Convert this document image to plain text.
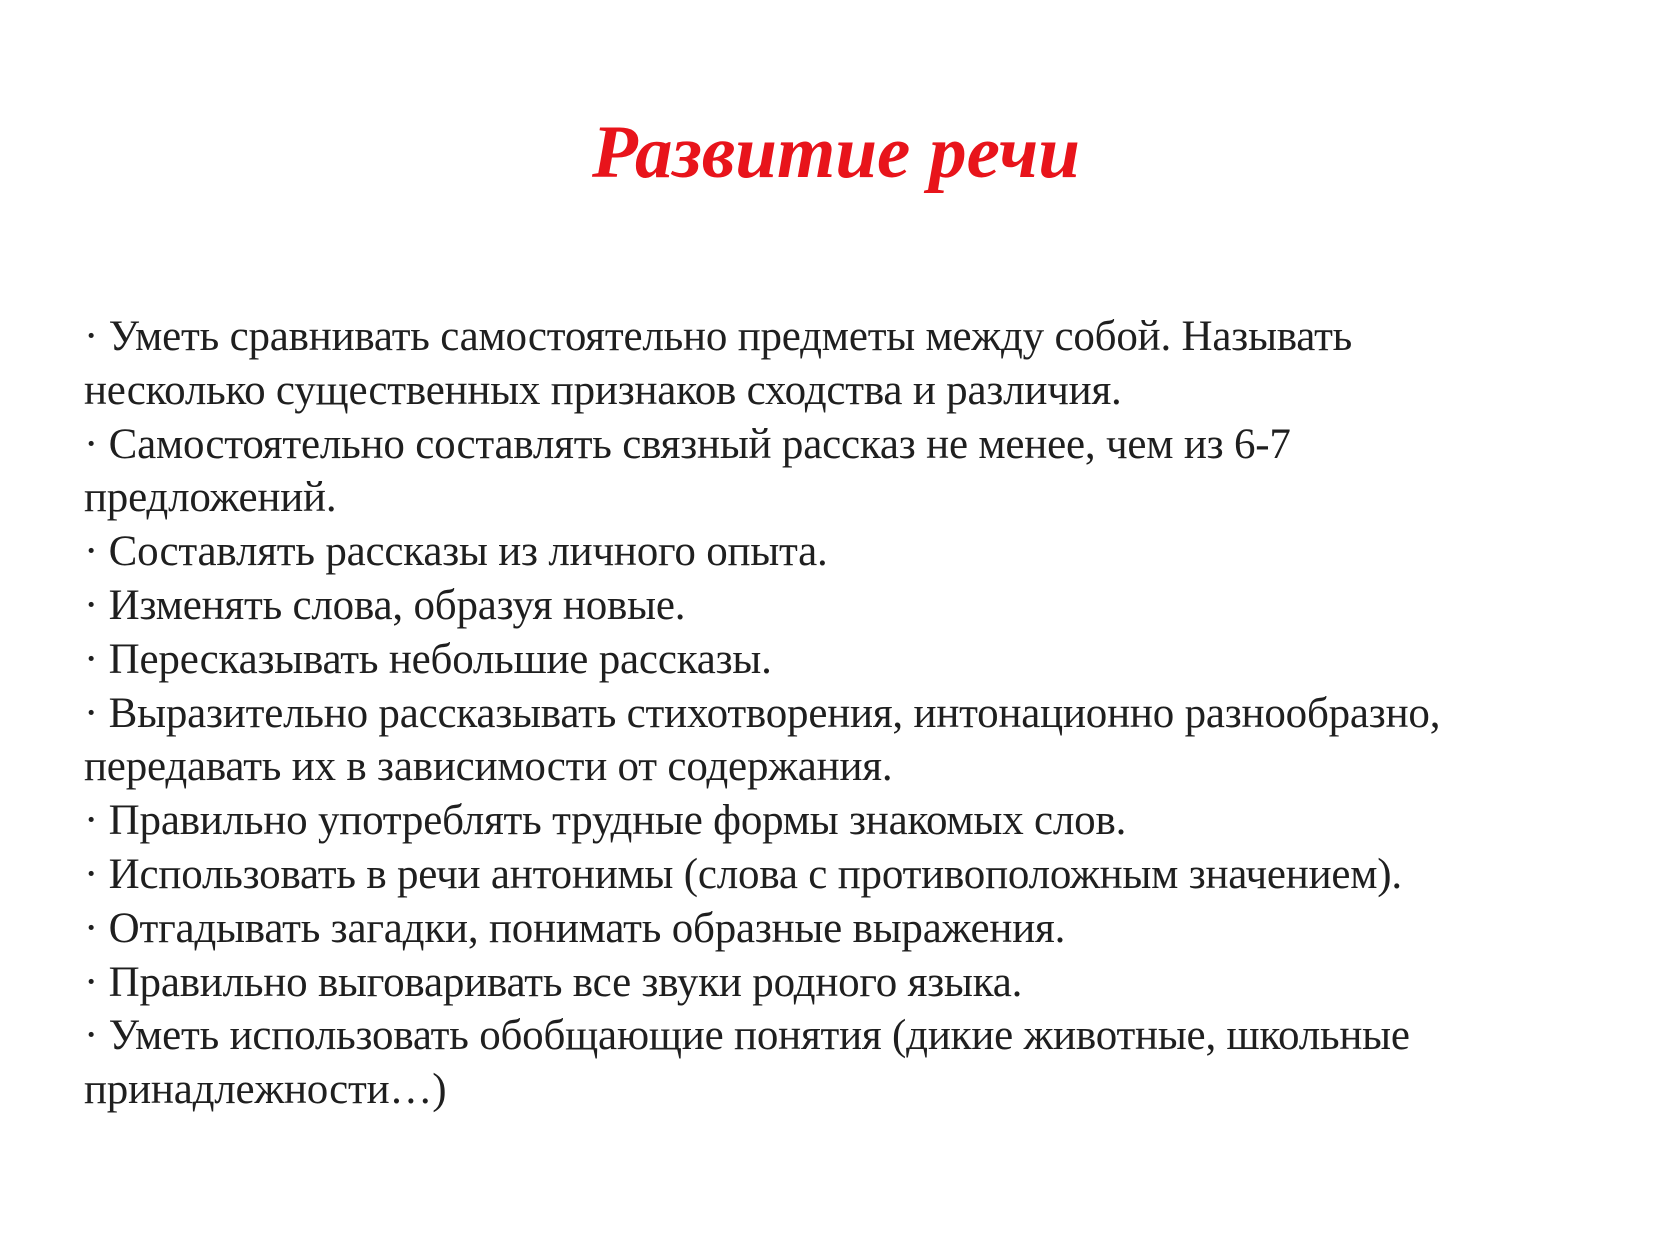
Развитие речи
· Уметь сравнивать самостоятельно предметы между собой. Называть
несколько существенных признаков сходства и различия.
· Самостоятельно составлять связный рассказ не менее, чем из 6-7
предложений.
· Составлять рассказы из личного опыта.
· Изменять слова, образуя новые.
· Пересказывать небольшие рассказы.
· Выразительно рассказывать стихотворения, интонационно разнообразно,
передавать их в зависимости от содержания.
· Правильно употреблять трудные формы знакомых слов.
· Использовать в речи антонимы (слова с противоположным значением).
· Отгадывать загадки, понимать образные выражения.
· Правильно выговаривать все звуки родного языка.
· Уметь использовать обобщающие понятия (дикие животные, школьные
принадлежности…)
